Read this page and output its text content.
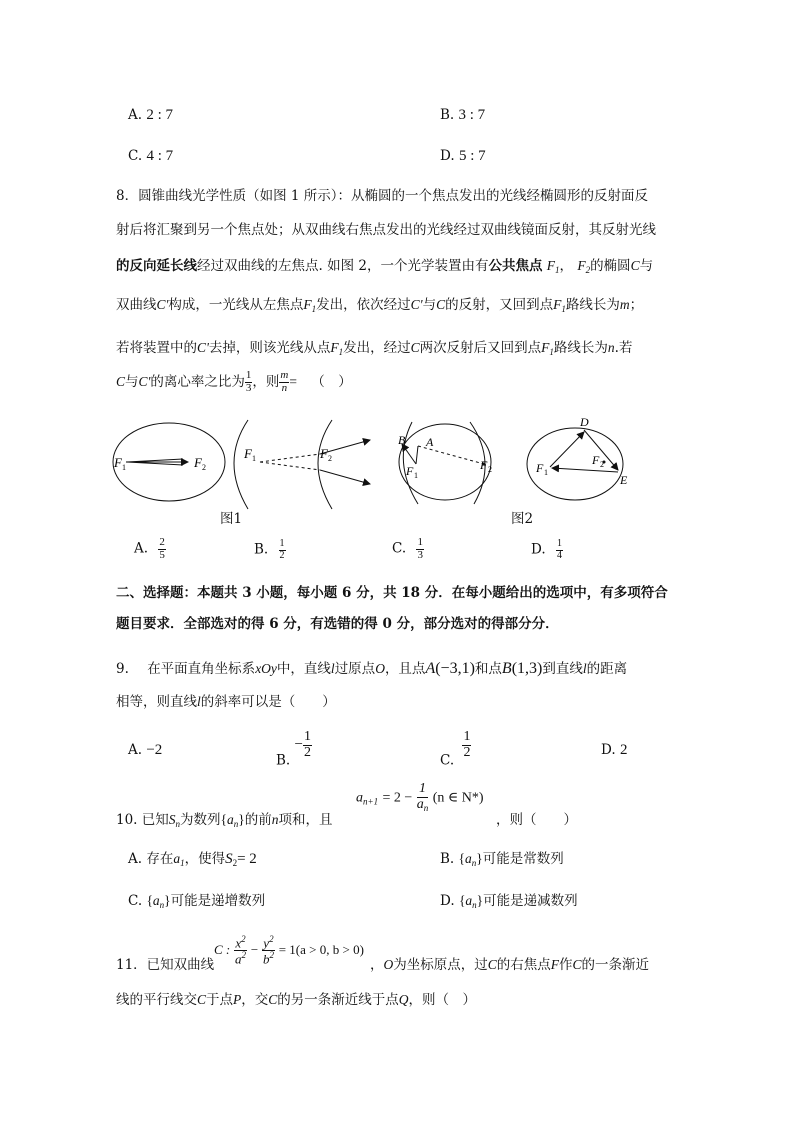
A. 2 : 7	B. 3 : 7
C. 4 : 7	D. 5 : 7
8．圆锥曲线光学性质（如图 1 所示）：从椭圆的一个焦点发出的光线经椭圆形的反射面反
射后将汇聚到另一个焦点处；从双曲线右焦点发出的光线经过双曲线镜面反射，其反射光线
的反向延长线经过双曲线的左焦点. 如图 2，一个光学装置由有公共焦点 $F_1$， $F_2$的椭圆C与
双曲线C'构成，一光线从左焦点$F_1$发出，依次经过C'与C的反射，又回到点$F_1$路线长为m；
若将装置中的C'去掉，则该光线从点$F_1$发出，经过C两次反射后又回到点$F_1$路线长为n.若
C与C'的离心率之比为 $\frac{1}{3}$ ，则 $\frac{m}{n}$ = （　）
F 1	F 2
F 1	F 2
B A
F 1
F 2
D
F 1
F 2
E
图1	图2
A. $\frac{2}{5}$	B. $\frac{1}{2}$	C. $\frac{1}{3}$	D. $\frac{1}{4}$
二、选择题：本题共 3 小题，每小题 6 分，共 18 分．在每小题给出的选项中，有多项符合
题目要求．全部选对的得 6 分，有选错的得 0 分，部分选对的得部分分．
9. 在平面直角坐标系xOy中，直线l过原点O，且点A(−3,1)和点B(1,3)到直线l的距离
相等，则直线l的斜率可以是（　　）
A. −2
B. − $\frac{1}{2}$
C.
$\frac{1}{2}$	D. 2
10. 已知$S_n$为数列$\{a_n\}$的前n项和，且
$a_{n+1} = 2 - \frac{1}{a_n} (n$ ∈ N*)
，则（　　）
A. 存在$a_1$，使得$S_2= 2$	B. $\{a_n\}$可能是常数列
C. $\{a_n\}$可能是递增数列	D. $\{a_n\}$可能是递减数列
11．已知双曲线
C : $\frac{x^2}{a^2} - \frac{y^2}{b^2} = 1(a > 0$, b > 0)
，O为坐标原点，过C的右焦点F作C的一条渐近
线的平行线交C于点P，交C的另一条渐近线于点Q，则（　）
